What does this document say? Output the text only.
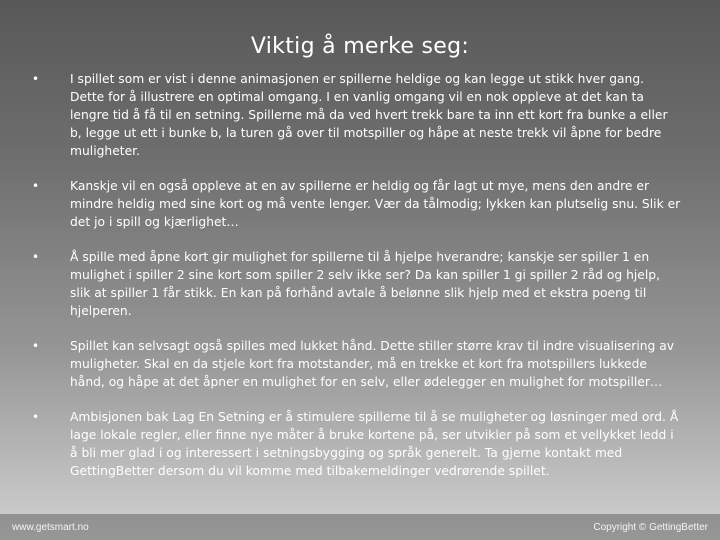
Viktig å merke seg:
•	I spillet som er vist i denne animasjonen er spillerne heldige og kan legge ut stikk hver gang. Dette for å illustrere en optimal omgang. I en vanlig omgang vil en nok oppleve at det kan ta lengre tid å få til en setning. Spillerne må da ved hvert trekk bare ta inn ett kort fra bunke a eller b, legge ut ett i bunke b, la turen gå over til motspiller og håpe at neste trekk vil åpne for bedre muligheter.
•	Kanskje vil en også oppleve at en av spillerne er heldig og får lagt ut mye, mens den andre er mindre heldig med sine kort og må vente lenger. Vær da tålmodig; lykken kan plutselig snu. Slik er det jo i spill og kjærlighet…
•	Å spille med åpne kort gir mulighet for spillerne til å hjelpe hverandre; kanskje ser spiller 1 en mulighet i spiller 2 sine kort som spiller 2 selv ikke ser? Da kan spiller 1 gi spiller 2 råd og hjelp, slik at spiller 1 får stikk. En kan på forhånd avtale å belønne slik hjelp med et ekstra poeng til hjelperen.
•	Spillet kan selvsagt også spilles med lukket hånd. Dette stiller større krav til indre visualisering av muligheter. Skal en da stjele kort fra motstander, må en trekke et kort fra motspillers lukkede hånd, og håpe at det åpner en mulighet for en selv, eller ødelegger en mulighet for motspiller…
•	Ambisjonen bak Lag En Setning er å stimulere spillerne til å se muligheter og løsninger med ord. Å lage lokale regler, eller finne nye måter å bruke kortene på, ser utvikler på som et vellykket ledd i å bli mer glad i og interessert i setningsbygging og språk generelt. Ta gjerne kontakt med GettingBetter dersom du vil komme med tilbakemeldinger vedrørende spillet.
www.getsmart.no	Copyright © GettingBetter
